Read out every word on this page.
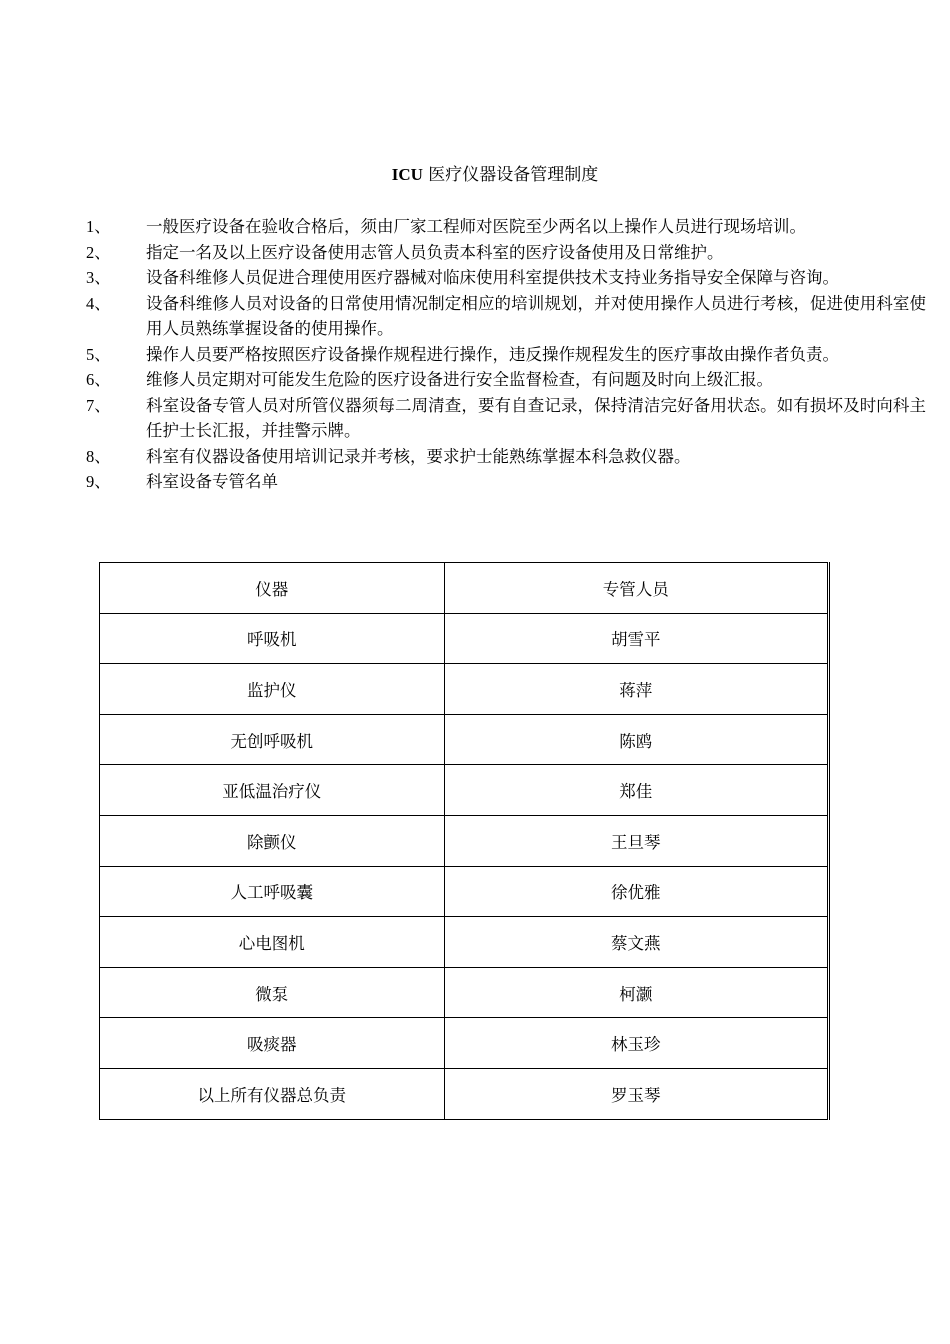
ICU 医疗仪器设备管理制度
1、 一般医疗设备在验收合格后，须由厂家工程师对医院至少两名以上操作人员进行现场培训。
2、 指定一名及以上医疗设备使用志管人员负责本科室的医疗设备使用及日常维护。
3、 设备科维修人员促进合理使用医疗器械对临床使用科室提供技术支持业务指导安全保障与咨询。
4、 设备科维修人员对设备的日常使用情况制定相应的培训规划，并对使用操作人员进行考核，促进使用科室使用人员熟练掌握设备的使用操作。
5、 操作人员要严格按照医疗设备操作规程进行操作，违反操作规程发生的医疗事故由操作者负责。
6、 维修人员定期对可能发生危险的医疗设备进行安全监督检查，有问题及时向上级汇报。
7、 科室设备专管人员对所管仪器须每二周清查，要有自查记录，保持清洁完好备用状态。如有损坏及时向科主任护士长汇报，并挂警示牌。
8、 科室有仪器设备使用培训记录并考核，要求护士能熟练掌握本科急救仪器。
9、 科室设备专管名单
仪器	专管人员
呼吸机	胡雪平
监护仪	蒋萍
无创呼吸机	陈鸥
亚低温治疗仪	郑佳
除颤仪	王旦琴
人工呼吸囊	徐优雅
心电图机	蔡文燕
微泵	柯灏
吸痰器	林玉珍
以上所有仪器总负责	罗玉琴
